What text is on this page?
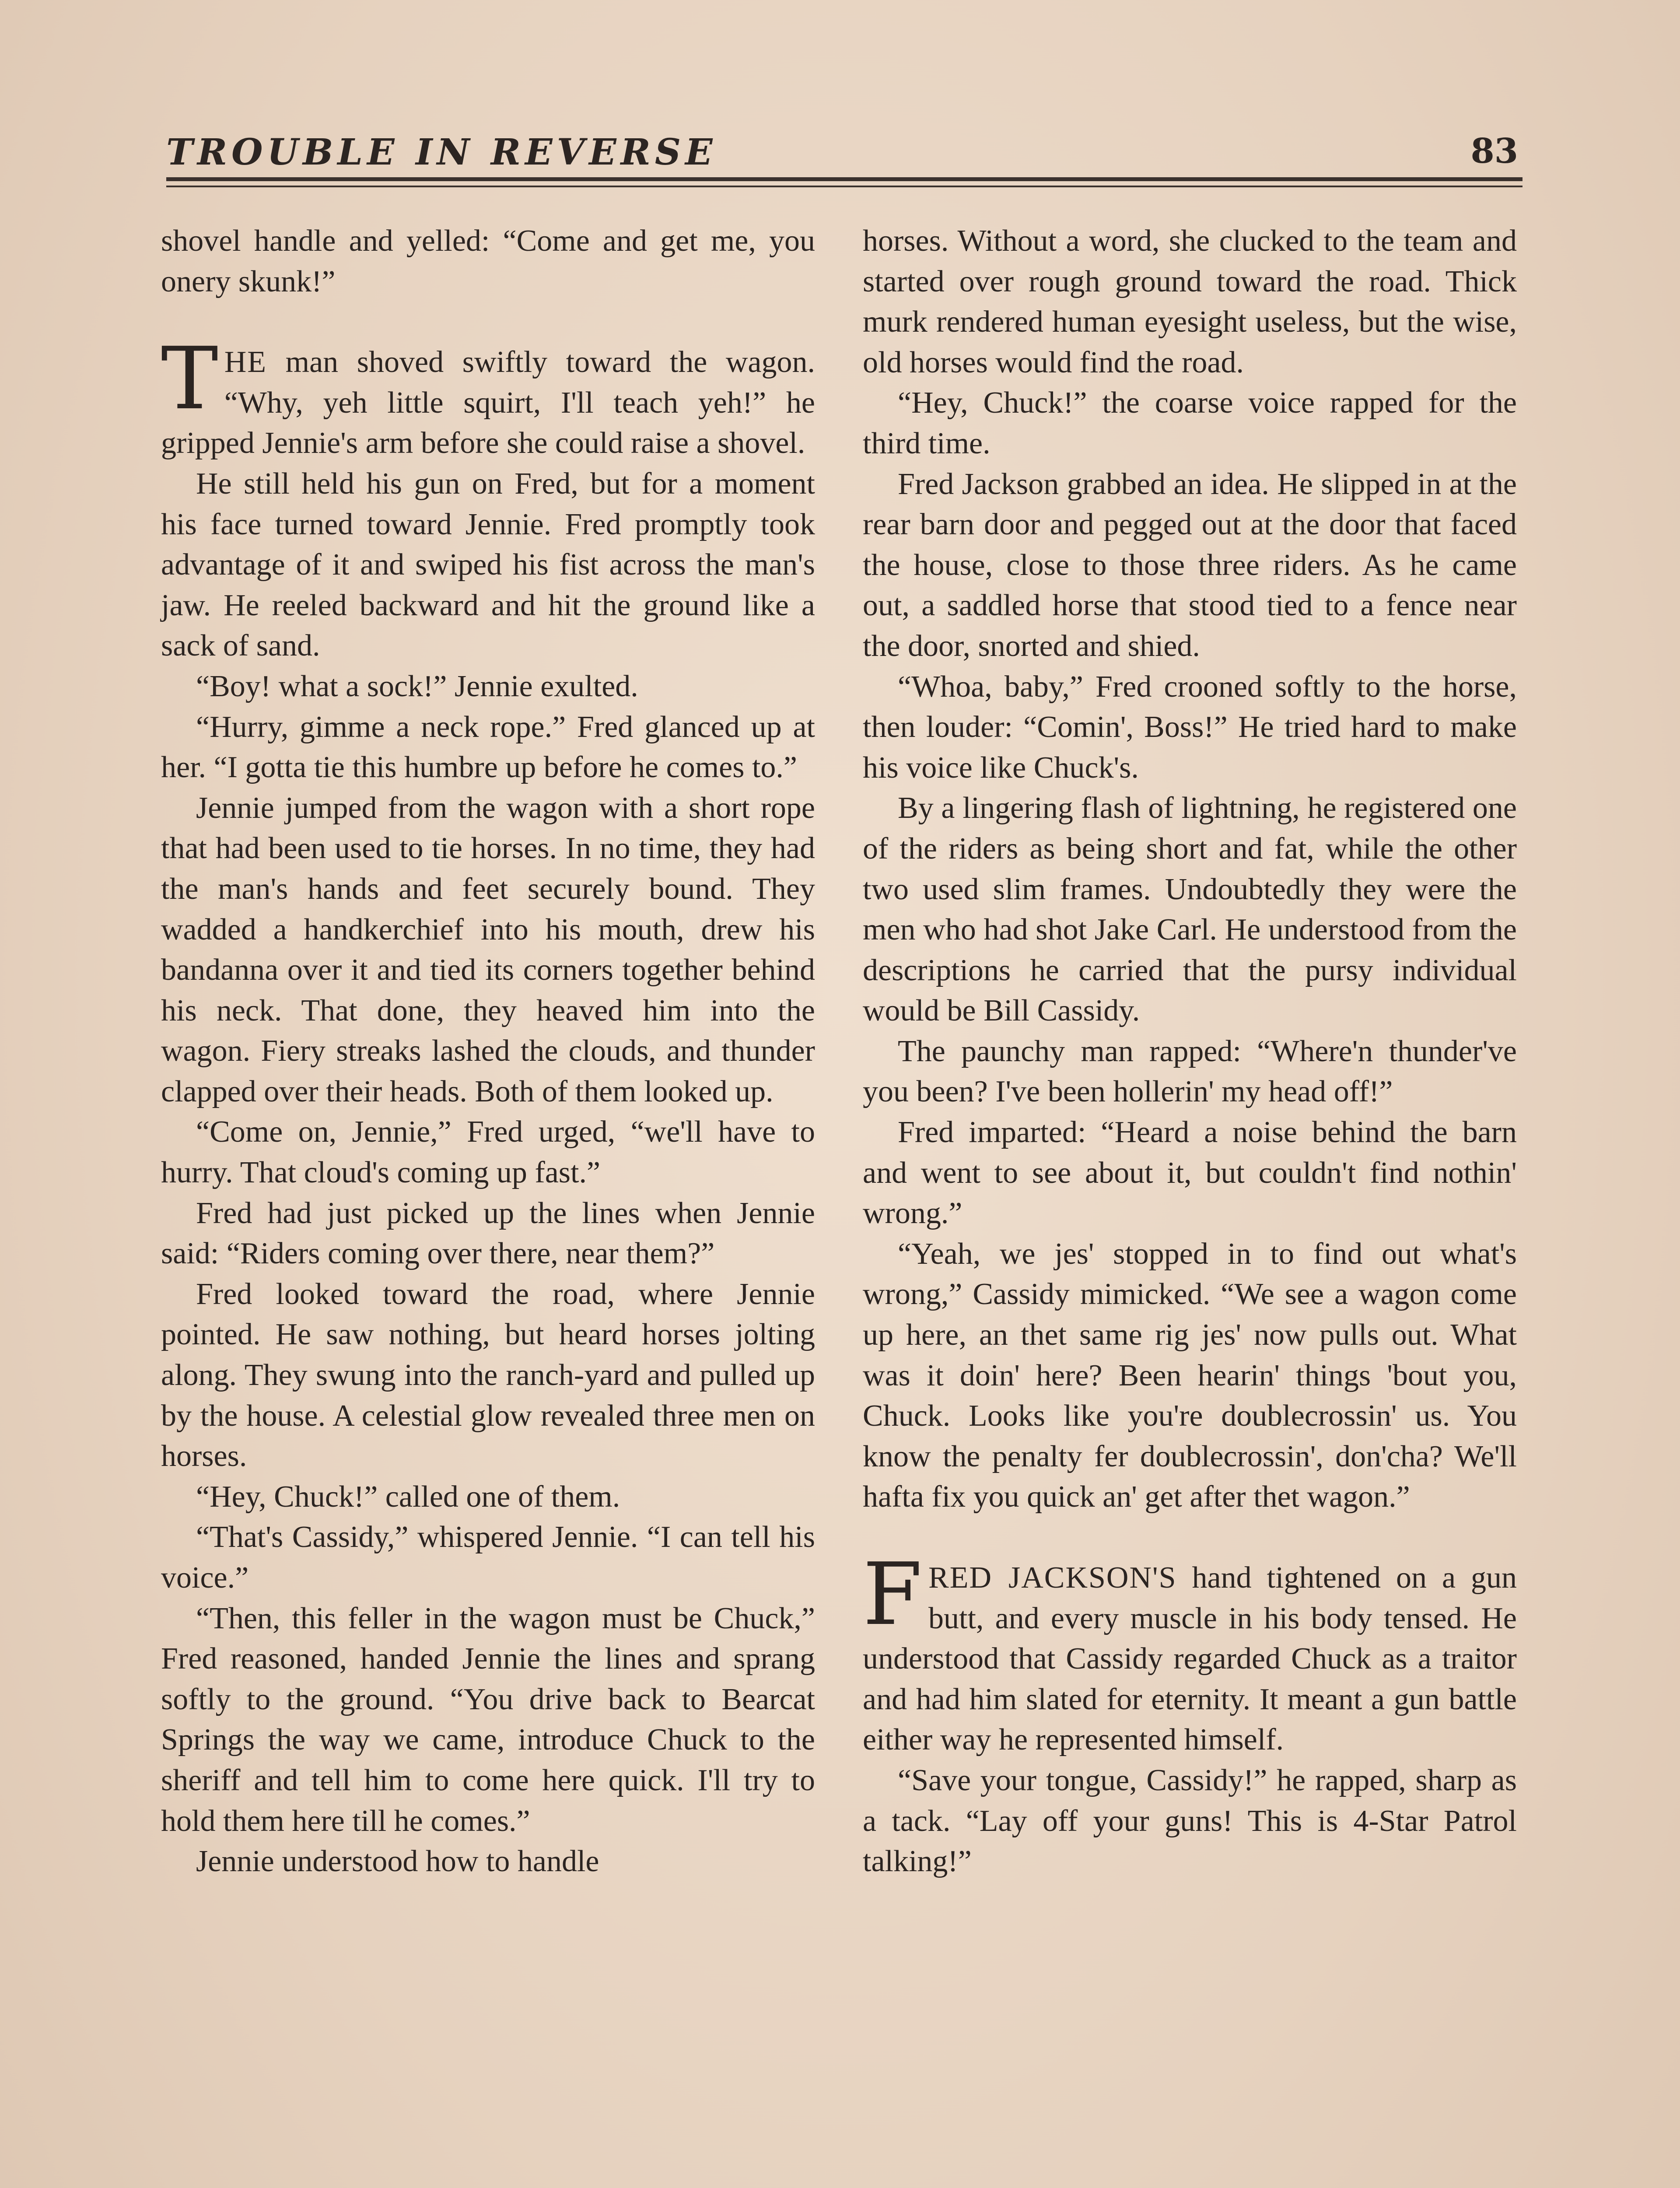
TROUBLE IN REVERSE	83

shovel handle and yelled: “Come and get me, you onery skunk!”

THE man shoved swiftly toward the wagon. “Why, yeh little squirt, I'll teach yeh!” he gripped Jennie's arm before she could raise a shovel.

He still held his gun on Fred, but for a moment his face turned toward Jennie. Fred promptly took advantage of it and swiped his fist across the man's jaw. He reeled backward and hit the ground like a sack of sand.

“Boy! what a sock!” Jennie exulted.

“Hurry, gimme a neck rope.” Fred glanced up at her. “I gotta tie this humbre up before he comes to.”

Jennie jumped from the wagon with a short rope that had been used to tie horses. In no time, they had the man's hands and feet securely bound. They wadded a handkerchief into his mouth, drew his bandanna over it and tied its corners together behind his neck. That done, they heaved him into the wagon. Fiery streaks lashed the clouds, and thunder clapped over their heads. Both of them looked up.

“Come on, Jennie,” Fred urged, “we'll have to hurry. That cloud's coming up fast.”

Fred had just picked up the lines when Jennie said: “Riders coming over there, near them?”

Fred looked toward the road, where Jennie pointed. He saw nothing, but heard horses jolting along. They swung into the ranch-yard and pulled up by the house. A celestial glow revealed three men on horses.

“Hey, Chuck!” called one of them.

“That's Cassidy,” whispered Jennie. “I can tell his voice.”

“Then, this feller in the wagon must be Chuck,” Fred reasoned, handed Jennie the lines and sprang softly to the ground. “You drive back to Bearcat Springs the way we came, introduce Chuck to the sheriff and tell him to come here quick. I'll try to hold them here till he comes.”

Jennie understood how to handle

horses. Without a word, she clucked to the team and started over rough ground toward the road. Thick murk rendered human eyesight useless, but the wise, old horses would find the road.

“Hey, Chuck!” the coarse voice rapped for the third time.

Fred Jackson grabbed an idea. He slipped in at the rear barn door and pegged out at the door that faced the house, close to those three riders. As he came out, a saddled horse that stood tied to a fence near the door, snorted and shied.

“Whoa, baby,” Fred crooned softly to the horse, then louder: “Comin', Boss!” He tried hard to make his voice like Chuck's.

By a lingering flash of lightning, he registered one of the riders as being short and fat, while the other two used slim frames. Undoubtedly they were the men who had shot Jake Carl. He understood from the descriptions he carried that the pursy individual would be Bill Cassidy.

The paunchy man rapped: “Where'n thunder've you been? I've been hollerin' my head off!”

Fred imparted: “Heard a noise behind the barn and went to see about it, but couldn't find nothin' wrong.”

“Yeah, we jes' stopped in to find out what's wrong,” Cassidy mimicked. “We see a wagon come up here, an thet same rig jes' now pulls out. What was it doin' here? Been hearin' things 'bout you, Chuck. Looks like you're doublecrossin' us. You know the penalty fer doublecrossin', don'cha? We'll hafta fix you quick an' get after thet wagon.”

FRED JACKSON'S hand tightened on a gun butt, and every muscle in his body tensed. He understood that Cassidy regarded Chuck as a traitor and had him slated for eternity. It meant a gun battle either way he represented himself.

“Save your tongue, Cassidy!” he rapped, sharp as a tack. “Lay off your guns! This is 4-Star Patrol talking!”
